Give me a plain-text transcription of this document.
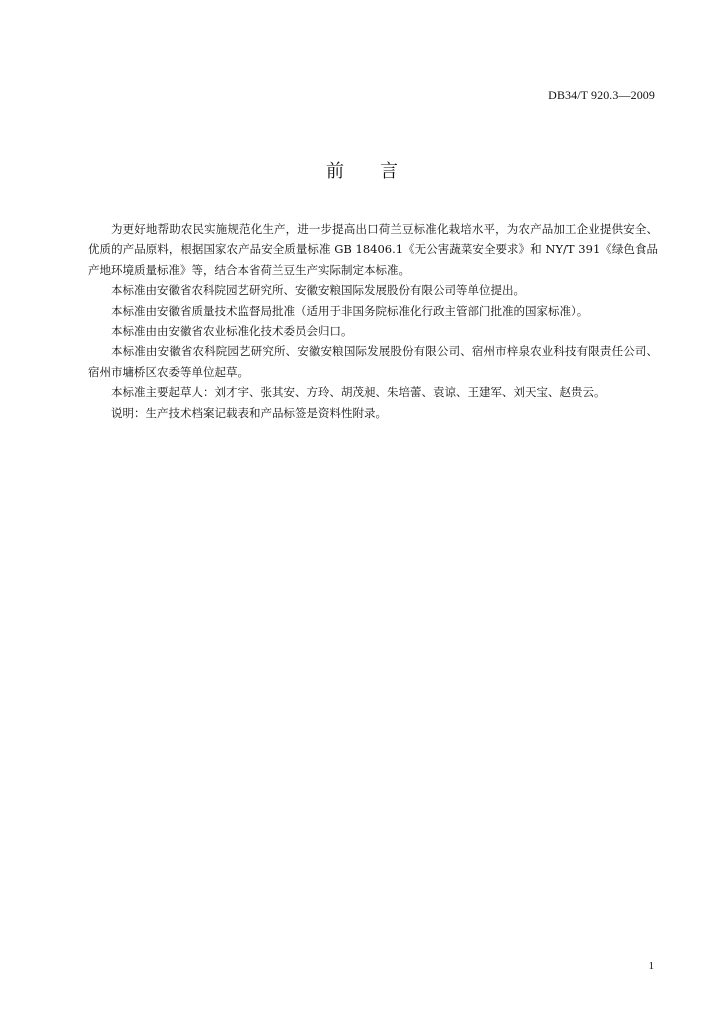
DB34/T 920.3—2009
前言

为更好地帮助农民实施规范化生产，进一步提高出口荷兰豆标准化栽培水平，为农产品加工企业提供安全、优质的产品原料，根据国家农产品安全质量标准 GB 18406.1《无公害蔬菜安全要求》和 NY/T 391《绿色食品　产地环境质量标准》等，结合本省荷兰豆生产实际制定本标准。

本标准由安徽省农科院园艺研究所、安徽安粮国际发展股份有限公司等单位提出。

本标准由安徽省质量技术监督局批准（适用于非国务院标准化行政主管部门批准的国家标准）。

本标准由由安徽省农业标准化技术委员会归口。

本标准由安徽省农科院园艺研究所、安徽安粮国际发展股份有限公司、宿州市梓泉农业科技有限责任公司、宿州市墉桥区农委等单位起草。

本标准主要起草人：刘才宇、张其安、方玲、胡茂昶、朱培蕾、袁谅、王建军、刘天宝、赵贵云。

说明：生产技术档案记载表和产品标签是资料性附录。

1
